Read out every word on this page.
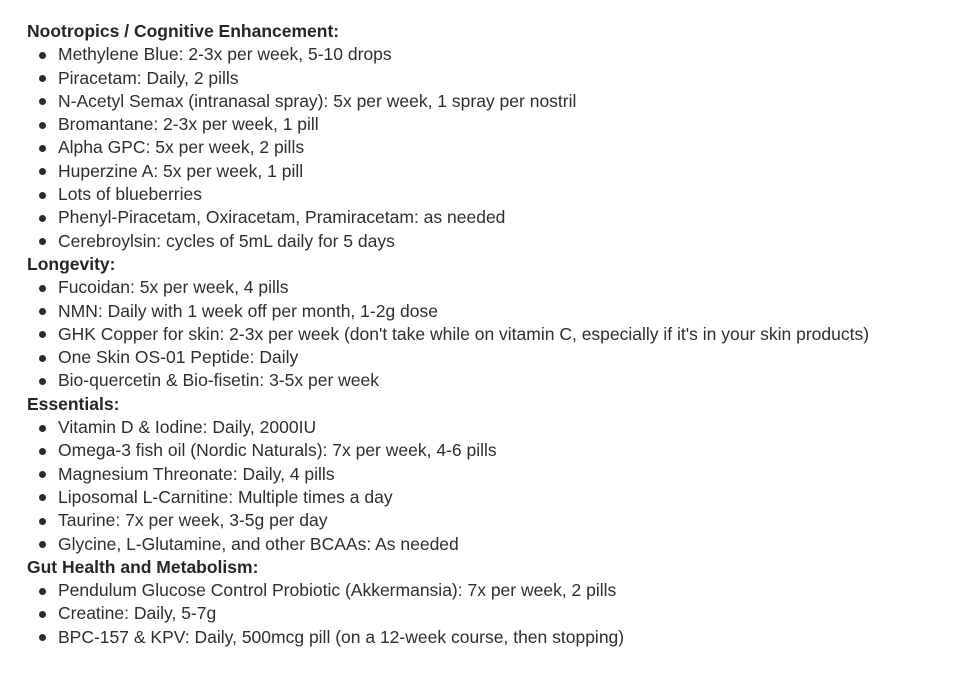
Nootropics / Cognitive Enhancement:
Methylene Blue: 2-3x per week, 5-10 drops
Piracetam: Daily, 2 pills
N-Acetyl Semax (intranasal spray): 5x per week, 1 spray per nostril
Bromantane: 2-3x per week, 1 pill
Alpha GPC: 5x per week, 2 pills
Huperzine A: 5x per week, 1 pill
Lots of blueberries
Phenyl-Piracetam, Oxiracetam, Pramiracetam: as needed
Cerebroylsin: cycles of 5mL daily for 5 days
Longevity:
Fucoidan: 5x per week, 4 pills
NMN: Daily with 1 week off per month, 1-2g dose
GHK Copper for skin: 2-3x per week (don't take while on vitamin C, especially if it's in your skin products)
One Skin OS-01 Peptide: Daily
Bio-quercetin & Bio-fisetin: 3-5x per week
Essentials:
Vitamin D & Iodine: Daily, 2000IU
Omega-3 fish oil (Nordic Naturals): 7x per week, 4-6 pills
Magnesium Threonate: Daily, 4 pills
Liposomal L-Carnitine: Multiple times a day
Taurine: 7x per week, 3-5g per day
Glycine, L-Glutamine, and other BCAAs: As needed
Gut Health and Metabolism:
Pendulum Glucose Control Probiotic (Akkermansia): 7x per week, 2 pills
Creatine: Daily, 5-7g
BPC-157 & KPV: Daily, 500mcg pill (on a 12-week course, then stopping)
